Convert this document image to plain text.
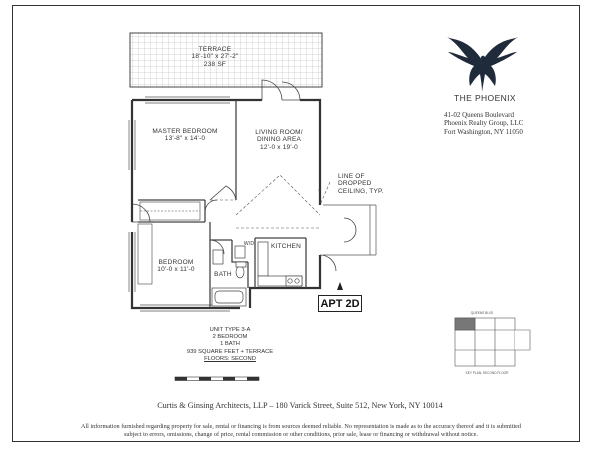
TERRACE
18'-10" x 27'-2"
238 SF
MASTER BEDROOM
13'-8" x 14'-0
LIVING ROOM/
DINING AREA
12'-0 x 19'-0
BEDROOM
10'-0 x 11'-0
KITCHEN
BATH
W/D
LINE OF
DROPPED
CEILING, TYP.
APT 2D
UNIT TYPE 3-A
2 BEDROOM
1 BATH
939 SQUARE FEET + TERRACE
FLOORS: SECOND
THE PHOENIX
41-02 Queens Boulevard
Phoenix Realty Group, LLC
Fort Washington, NY 11050
QUEENS BLVD
KEY PLAN: SECOND FLOOR
Curtis & Ginsing Architects, LLP – 180 Varick Street, Suite 512, New York, NY 10014
All information furnished regarding property for sale, rental or financing is from sources deemed reliable. No representation is made as to the accuracy thereof and it is submitted
subject to errors, omissions, change of price, rental commission or other conditions, prior sale, lease or financing or withdrawal without notice.
